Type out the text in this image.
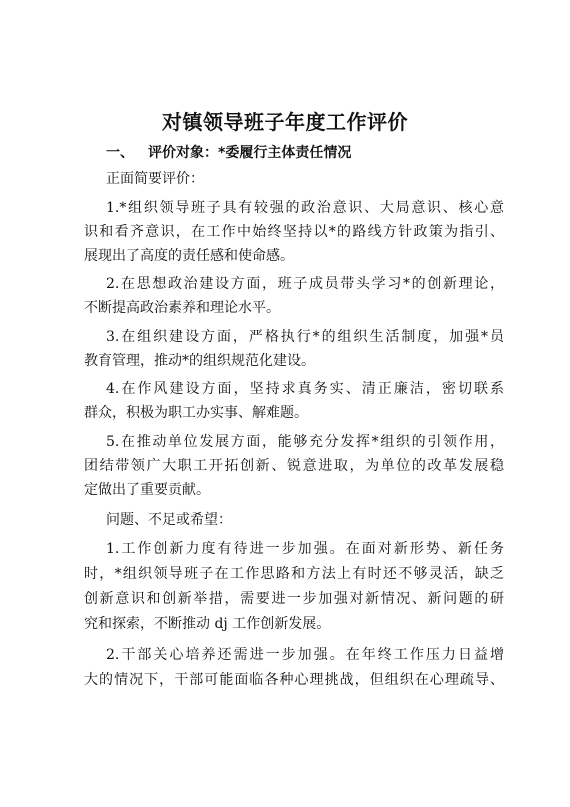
对镇领导班子年度工作评价
一、 评价对象：*委履行主体责任情况
正面简要评价：
1.*组织领导班子具有较强的政治意识、大局意识、核心意
识和看齐意识，在工作中始终坚持以*的路线方针政策为指引、
展现出了高度的责任感和使命感。
2.在思想政治建设方面，班子成员带头学习*的创新理论，
不断提高政治素养和理论水平。
3.在组织建设方面，严格执行*的组织生活制度，加强*员
教育管理，推动*的组织规范化建设。
4.在作风建设方面，坚持求真务实、清正廉洁，密切联系
群众，积极为职工办实事、解难题。
5.在推动单位发展方面，能够充分发挥*组织的引领作用，
团结带领广大职工开拓创新、锐意进取，为单位的改革发展稳
定做出了重要贡献。
问题、不足或希望：
1.工作创新力度有待进一步加强。在面对新形势、新任务
时，*组织领导班子在工作思路和方法上有时还不够灵活，缺乏
创新意识和创新举措，需要进一步加强对新情况、新问题的研
究和探索，不断推动 dj 工作创新发展。
2.干部关心培养还需进一步加强。在年终工作压力日益增
大的情况下，干部可能面临各种心理挑战，但组织在心理疏导、
